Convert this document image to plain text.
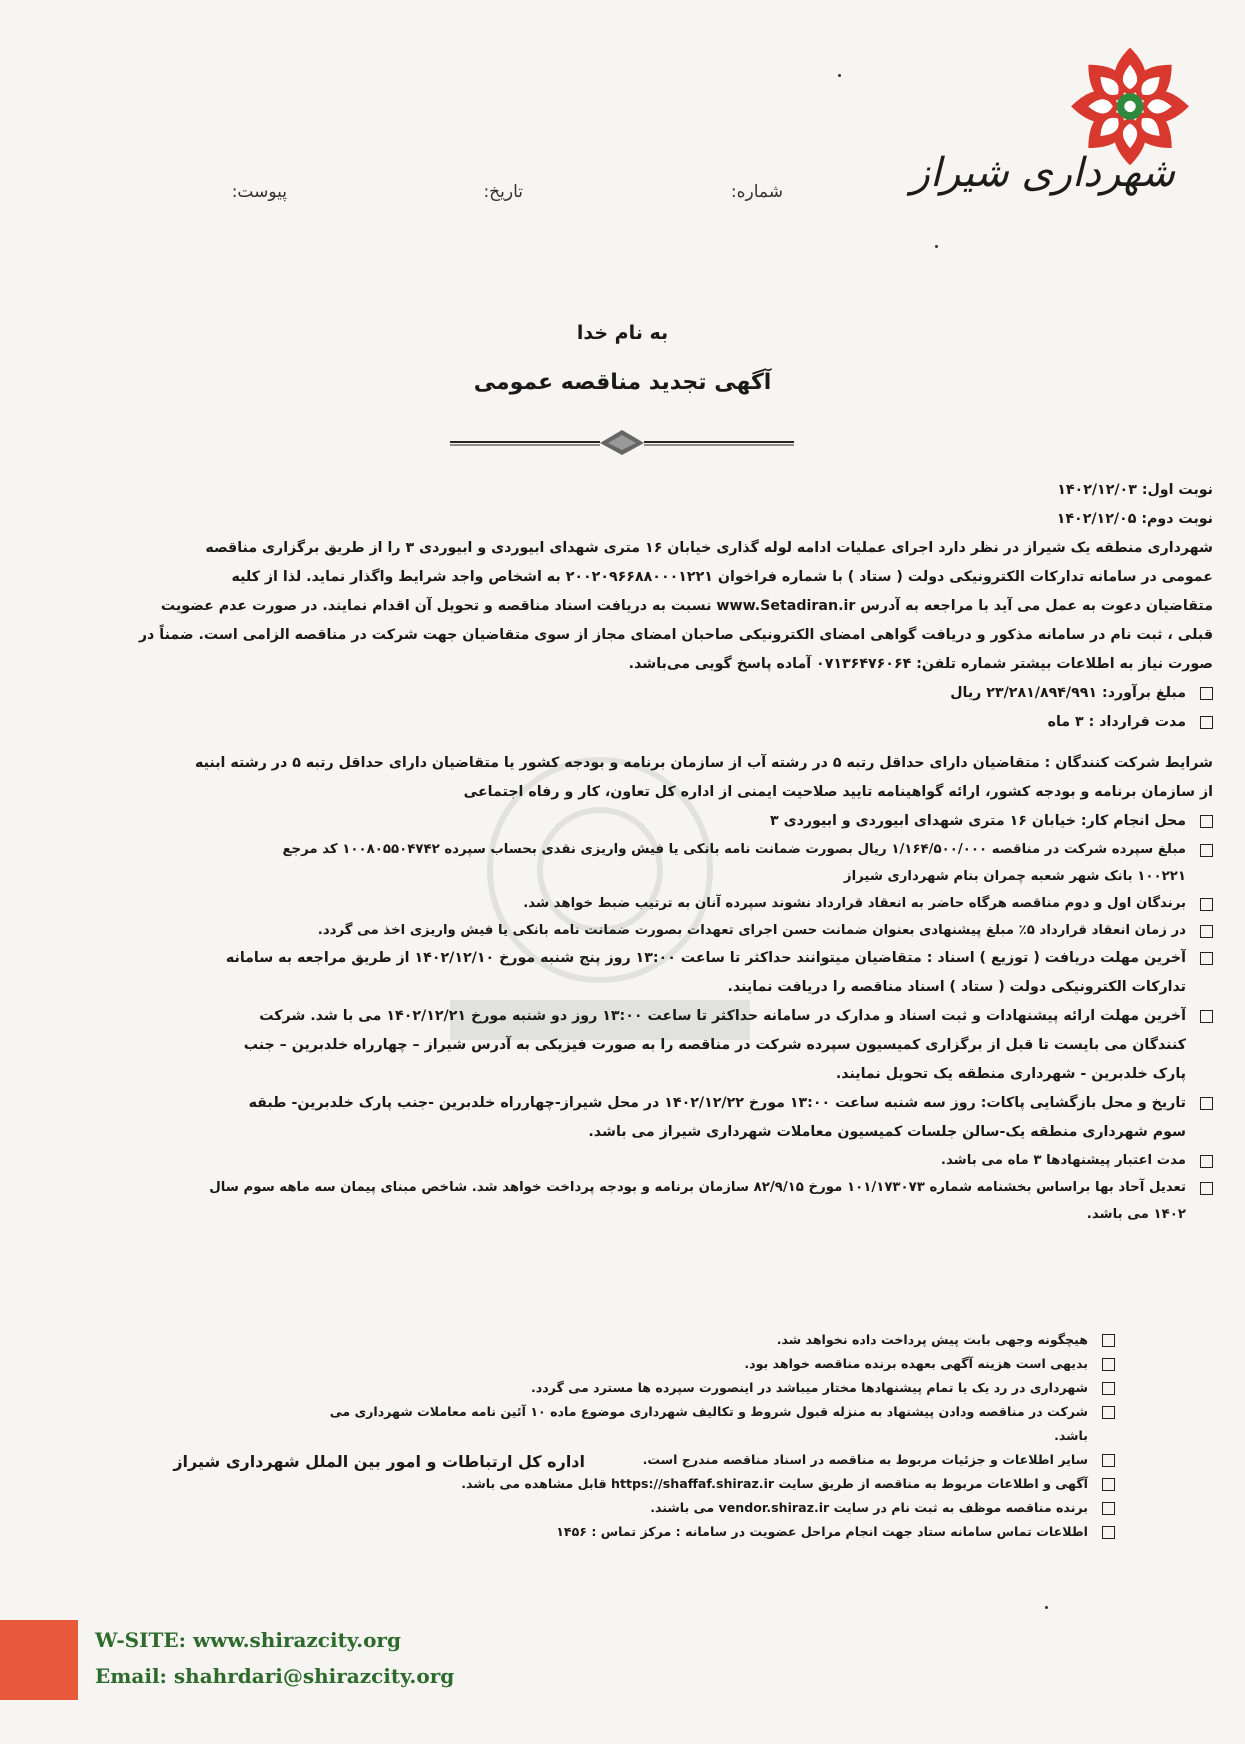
شهرداری شیراز
شماره:
تاریخ:
پیوست:
به نام خدا
آگهی تجدید مناقصه عمومی
نوبت اول: ۱۴۰۲/۱۲/۰۳
نوبت دوم: ۱۴۰۲/۱۲/۰۵
شهرداری منطقه یک شیراز در نظر دارد اجرای عملیات ادامه لوله گذاری خیابان ۱۶ متری شهدای ابیوردی و ابیوردی ۳ را از طریق برگزاری مناقصه
عمومی در سامانه تدارکات الکترونیکی دولت ( ستاد ) با شماره فراخوان ۲۰۰۲۰۹۶۶۸۸۰۰۰۱۲۲۱ به اشخاص واجد شرایط واگذار نماید. لذا از کلیه
متقاضیان دعوت به عمل می آید با مراجعه به آدرس www.Setadiran.ir نسبت به دریافت اسناد مناقصه و تحویل آن اقدام نمایند. در صورت عدم عضویت
قبلی ، ثبت نام در سامانه مذکور و دریافت گواهی امضای الکترونیکی صاحبان امضای مجاز از سوی متقاضیان جهت شرکت در مناقصه الزامی است. ضمناً در
صورت نیاز به اطلاعات بیشتر شماره تلفن: ۰۷۱۳۶۴۷۶۰۶۴ آماده پاسخ گویی می‌باشد.
مبلغ برآورد: ۲۳/۲۸۱/۸۹۴/۹۹۱ ریال
مدت قرارداد : ۳ ماه
شرایط شرکت کنندگان : متقاضیان دارای حداقل رتبه ۵ در رشته آب از سازمان برنامه و بودجه کشور یا متقاضیان دارای حداقل رتبه ۵ در رشته ابنیه
از سازمان برنامه و بودجه کشور، ارائه گواهینامه تایید صلاحیت ایمنی از اداره کل تعاون، کار و رفاه اجتماعی
محل انجام کار: خیابان ۱۶ متری شهدای ابیوردی و ابیوردی ۳
مبلغ سپرده شرکت در مناقصه ۱/۱۶۴/۵۰۰/۰۰۰ ریال بصورت ضمانت نامه بانکی یا فیش واریزی نقدی بحساب سپرده ۱۰۰۸۰۵۵۰۴۷۴۲ کد مرجع
۱۰۰۲۲۱ بانک شهر شعبه چمران بنام شهرداری شیراز
برندگان اول و دوم مناقصه هرگاه حاضر به انعقاد قرارداد نشوند سپرده آنان به ترتیب ضبط خواهد شد.
در زمان انعقاد قرارداد ۵٪ مبلغ پیشنهادی بعنوان ضمانت حسن اجرای تعهدات بصورت ضمانت نامه بانکی یا فیش واریزی اخذ می گردد.
آخرین مهلت دریافت ( توزیع ) اسناد : متقاضیان میتوانند حداکثر تا ساعت ۱۳:۰۰ روز پنج شنبه مورخ ۱۴۰۲/۱۲/۱۰ از طریق مراجعه به سامانه
تدارکات الکترونیکی دولت ( ستاد ) اسناد مناقصه را دریافت نمایند.
آخرین مهلت ارائه پیشنهادات و ثبت اسناد و مدارک در سامانه حداکثر تا ساعت ۱۳:۰۰ روز دو شنبه مورخ ۱۴۰۲/۱۲/۲۱ می با شد. شرکت
کنندگان می بایست تا قبل از برگزاری کمیسیون سپرده شرکت در مناقصه را به صورت فیزیکی به آدرس شیراز – چهارراه خلدبرین – جنب
پارک خلدبرین - شهرداری منطقه یک تحویل نمایند.
تاریخ و محل بازگشایی پاکات: روز سه شنبه ساعت ۱۳:۰۰ مورخ ۱۴۰۲/۱۲/۲۲ در محل شیراز-چهارراه خلدبرین -جنب پارک خلدبرین- طبقه
سوم شهرداری منطقه یک-سالن جلسات کمیسیون معاملات شهرداری شیراز می باشد.
مدت اعتبار پیشنهادها ۳ ماه می باشد.
تعدیل آحاد بها براساس بخشنامه شماره ۱۰۱/۱۷۳۰۷۳ مورخ ۸۲/۹/۱۵ سازمان برنامه و بودجه پرداخت خواهد شد. شاخص مبنای پیمان سه ماهه سوم سال
۱۴۰۲ می باشد.
هیچگونه وجهی بابت پیش پرداخت داده نخواهد شد.
بدیهی است هزینه آگهی بعهده برنده مناقصه خواهد بود.
شهرداری در رد یک یا تمام پیشنهادها مختار میباشد در اینصورت سپرده ها مسترد می گردد.
شرکت در مناقصه ودادن پیشنهاد به منزله قبول شروط و تکالیف شهرداری موضوع ماده ۱۰ آئین نامه معاملات شهرداری می باشد.
سایر اطلاعات و جزئیات مربوط به مناقصه در اسناد مناقصه مندرج است.
آگهی و اطلاعات مربوط به مناقصه از طریق سایت https://shaffaf.shiraz.ir قابل مشاهده می باشد.
برنده مناقصه موظف به ثبت نام در سایت vendor.shiraz.ir می باشند.
اطلاعات تماس سامانه ستاد جهت انجام مراحل عضویت در سامانه : مرکز تماس : ۱۴۵۶
اداره کل ارتباطات و امور بین الملل شهرداری شیراز
W-SITE: www.shirazcity.org
Email: shahrdari@shirazcity.org
